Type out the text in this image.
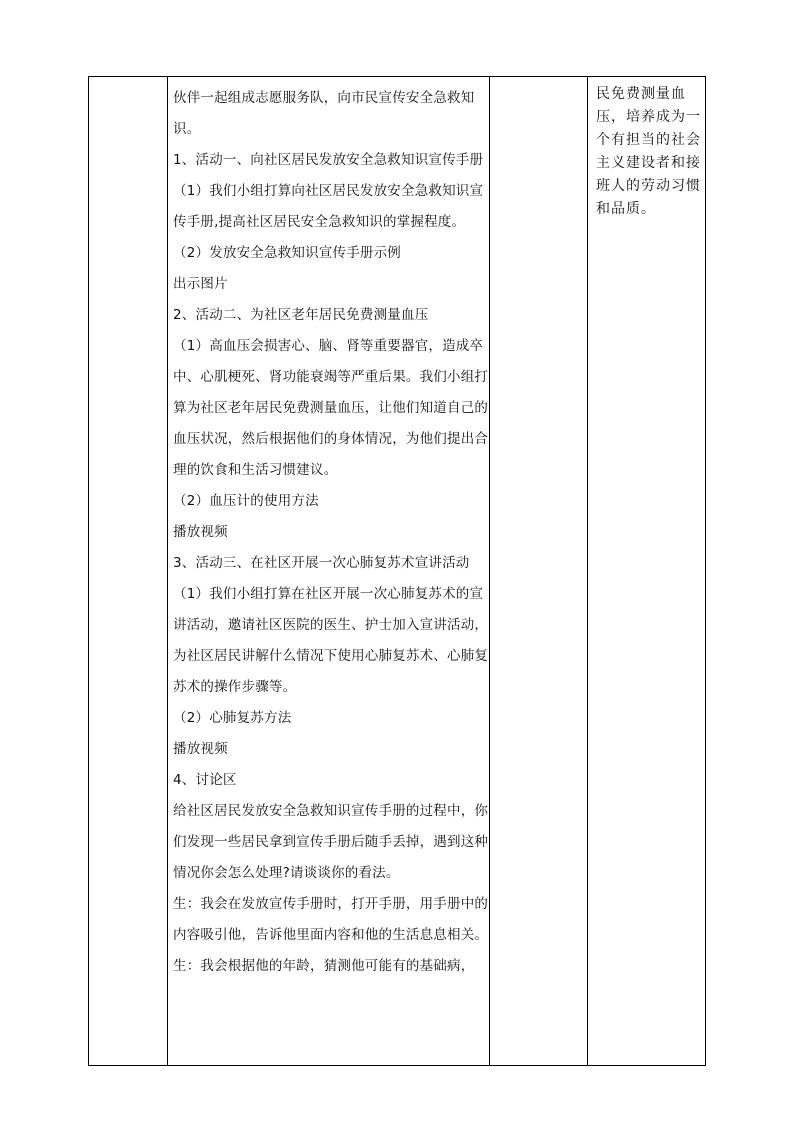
伙伴一起组成志愿服务队，向市民宣传安全急救知识。

1、活动一、向社区居民发放安全急救知识宣传手册

（1）我们小组打算向社区居民发放安全急救知识宣传手册,提高社区居民安全急救知识的掌握程度。

（2）发放安全急救知识宣传手册示例

出示图片

2、活动二、为社区老年居民免费测量血压

（1）高血压会损害心、脑、肾等重要器官，造成卒中、心肌梗死、肾功能衰竭等严重后果。我们小组打算为社区老年居民免费测量血压，让他们知道自己的血压状况，然后根据他们的身体情况，为他们提出合理的饮食和生活习惯建议。

（2）血压计的使用方法

播放视频

3、活动三、在社区开展一次心肺复苏术宣讲活动

（1）我们小组打算在社区开展一次心肺复苏术的宣讲活动，邀请社区医院的医生、护士加入宣讲活动，为社区居民讲解什么情况下使用心肺复苏术、心肺复苏术的操作步骤等。

（2）心肺复苏方法

播放视频

4、讨论区

给社区居民发放安全急救知识宣传手册的过程中，你们发现一些居民拿到宣传手册后随手丢掉，遇到这种情况你会怎么处理?请谈谈你的看法。

生：我会在发放宣传手册时，打开手册，用手册中的内容吸引他，告诉他里面内容和他的生活息息相关。

生：我会根据他的年龄，猜测他可能有的基础病，

民免费测量血压，培养成为一个有担当的社会主义建设者和接班人的劳动习惯和品质。
